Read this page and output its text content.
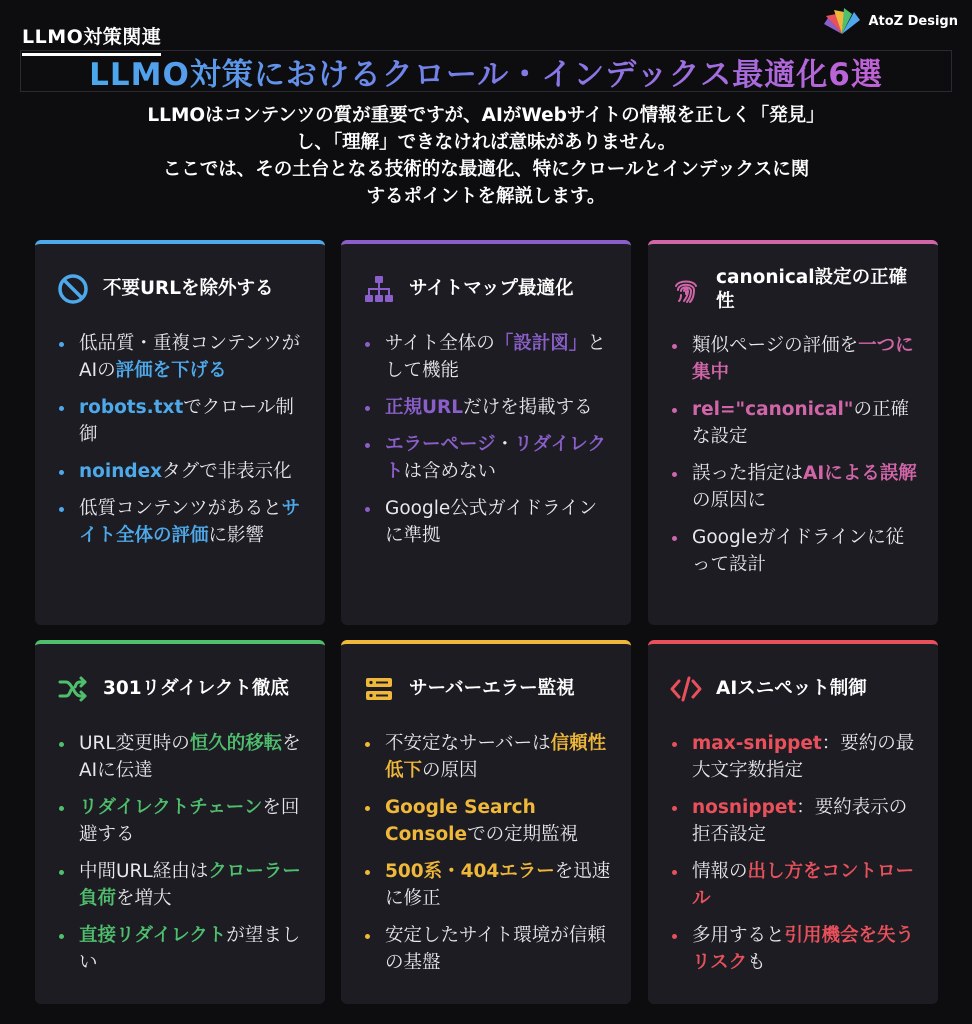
LLMO対策関連
AtoZ Design
LLMO対策におけるクロール・インデックス最適化6選
LLMOはコンテンツの質が重要ですが、AIがWebサイトの情報を正しく「発見」
し、「理解」できなければ意味がありません。
ここでは、その土台となる技術的な最適化、特にクロールとインデックスに関
するポイントを解説します。
不要URLを除外する
低品質・重複コンテンツがAIの評価を下げる
robots.txtでクロール制御
noindexタグで非表示化
低質コンテンツがあるとサイト全体の評価に影響
サイトマップ最適化
サイト全体の「設計図」として機能
正規URLだけを掲載する
エラーページ・リダイレクトは含めない
Google公式ガイドラインに準拠
canonical設定の正確性
類似ページの評価を一つに集中
rel="canonical"の正確な設定
誤った指定はAIによる誤解の原因に
Googleガイドラインに従って設計
301リダイレクト徹底
URL変更時の恒久的移転をAIに伝達
リダイレクトチェーンを回避する
中間URL経由はクローラー負荷を増大
直接リダイレクトが望ましい
サーバーエラー監視
不安定なサーバーは信頼性低下の原因
Google Search Consoleでの定期監視
500系・404エラーを迅速に修正
安定したサイト環境が信頼の基盤
AIスニペット制御
max-snippet：要約の最大文字数指定
nosnippet：要約表示の拒否設定
情報の出し方をコントロール
多用すると引用機会を失うリスクも
